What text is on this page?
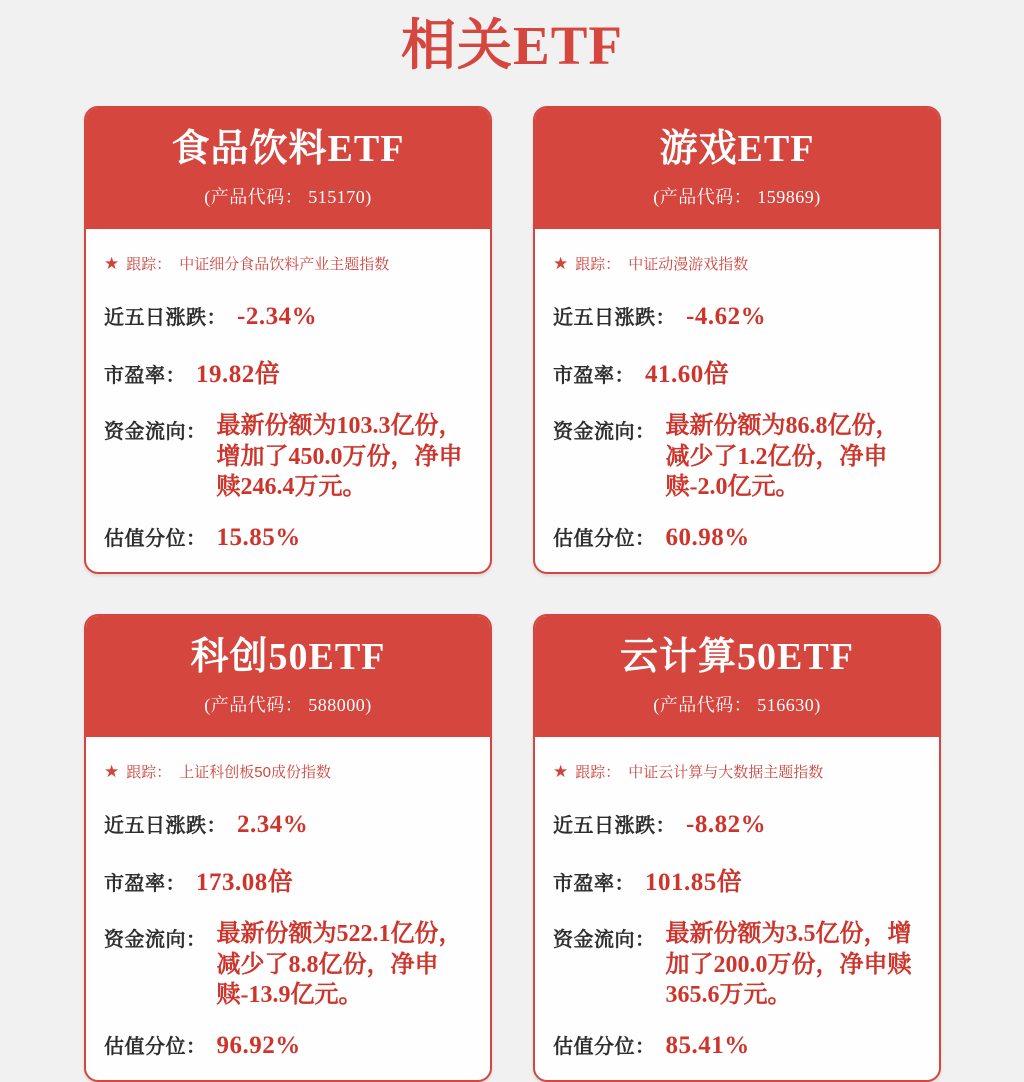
相关ETF
食品饮料ETF
(产品代码： 515170)
★ 跟踪： 中证细分食品饮料产业主题指数
近五日涨跌： -2.34%
市盈率： 19.82倍
资金流向： 最新份额为103.3亿份，增加了450.0万份，净申赎246.4万元。
估值分位： 15.85%
游戏ETF
(产品代码： 159869)
★ 跟踪： 中证动漫游戏指数
近五日涨跌： -4.62%
市盈率： 41.60倍
资金流向： 最新份额为86.8亿份，减少了1.2亿份，净申赎-2.0亿元。
估值分位： 60.98%
科创50ETF
(产品代码： 588000)
★ 跟踪： 上证科创板50成份指数
近五日涨跌： 2.34%
市盈率： 173.08倍
资金流向： 最新份额为522.1亿份，减少了8.8亿份，净申赎-13.9亿元。
估值分位： 96.92%
云计算50ETF
(产品代码： 516630)
★ 跟踪： 中证云计算与大数据主题指数
近五日涨跌： -8.82%
市盈率： 101.85倍
资金流向： 最新份额为3.5亿份，增加了200.0万份，净申赎365.6万元。
估值分位： 85.41%
